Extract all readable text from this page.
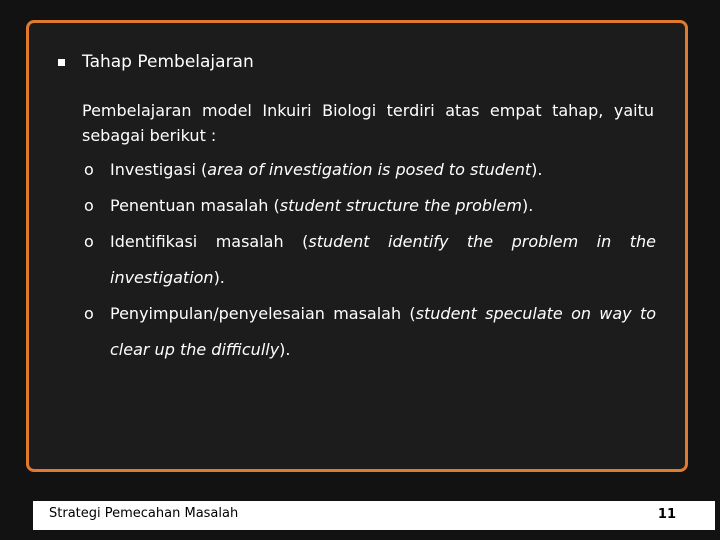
Tahap Pembelajaran
Pembelajaran model Inkuiri Biologi terdiri atas empat tahap, yaitu sebagai berikut :
o	Investigasi (area of investigation is posed to student).
o	Penentuan masalah (student structure the problem).
o	Identifikasi masalah (student identify the problem in the investigation).
o	Penyimpulan/penyelesaian masalah (student speculate on way to clear up the difficully).
Strategi Pemecahan Masalah	11
